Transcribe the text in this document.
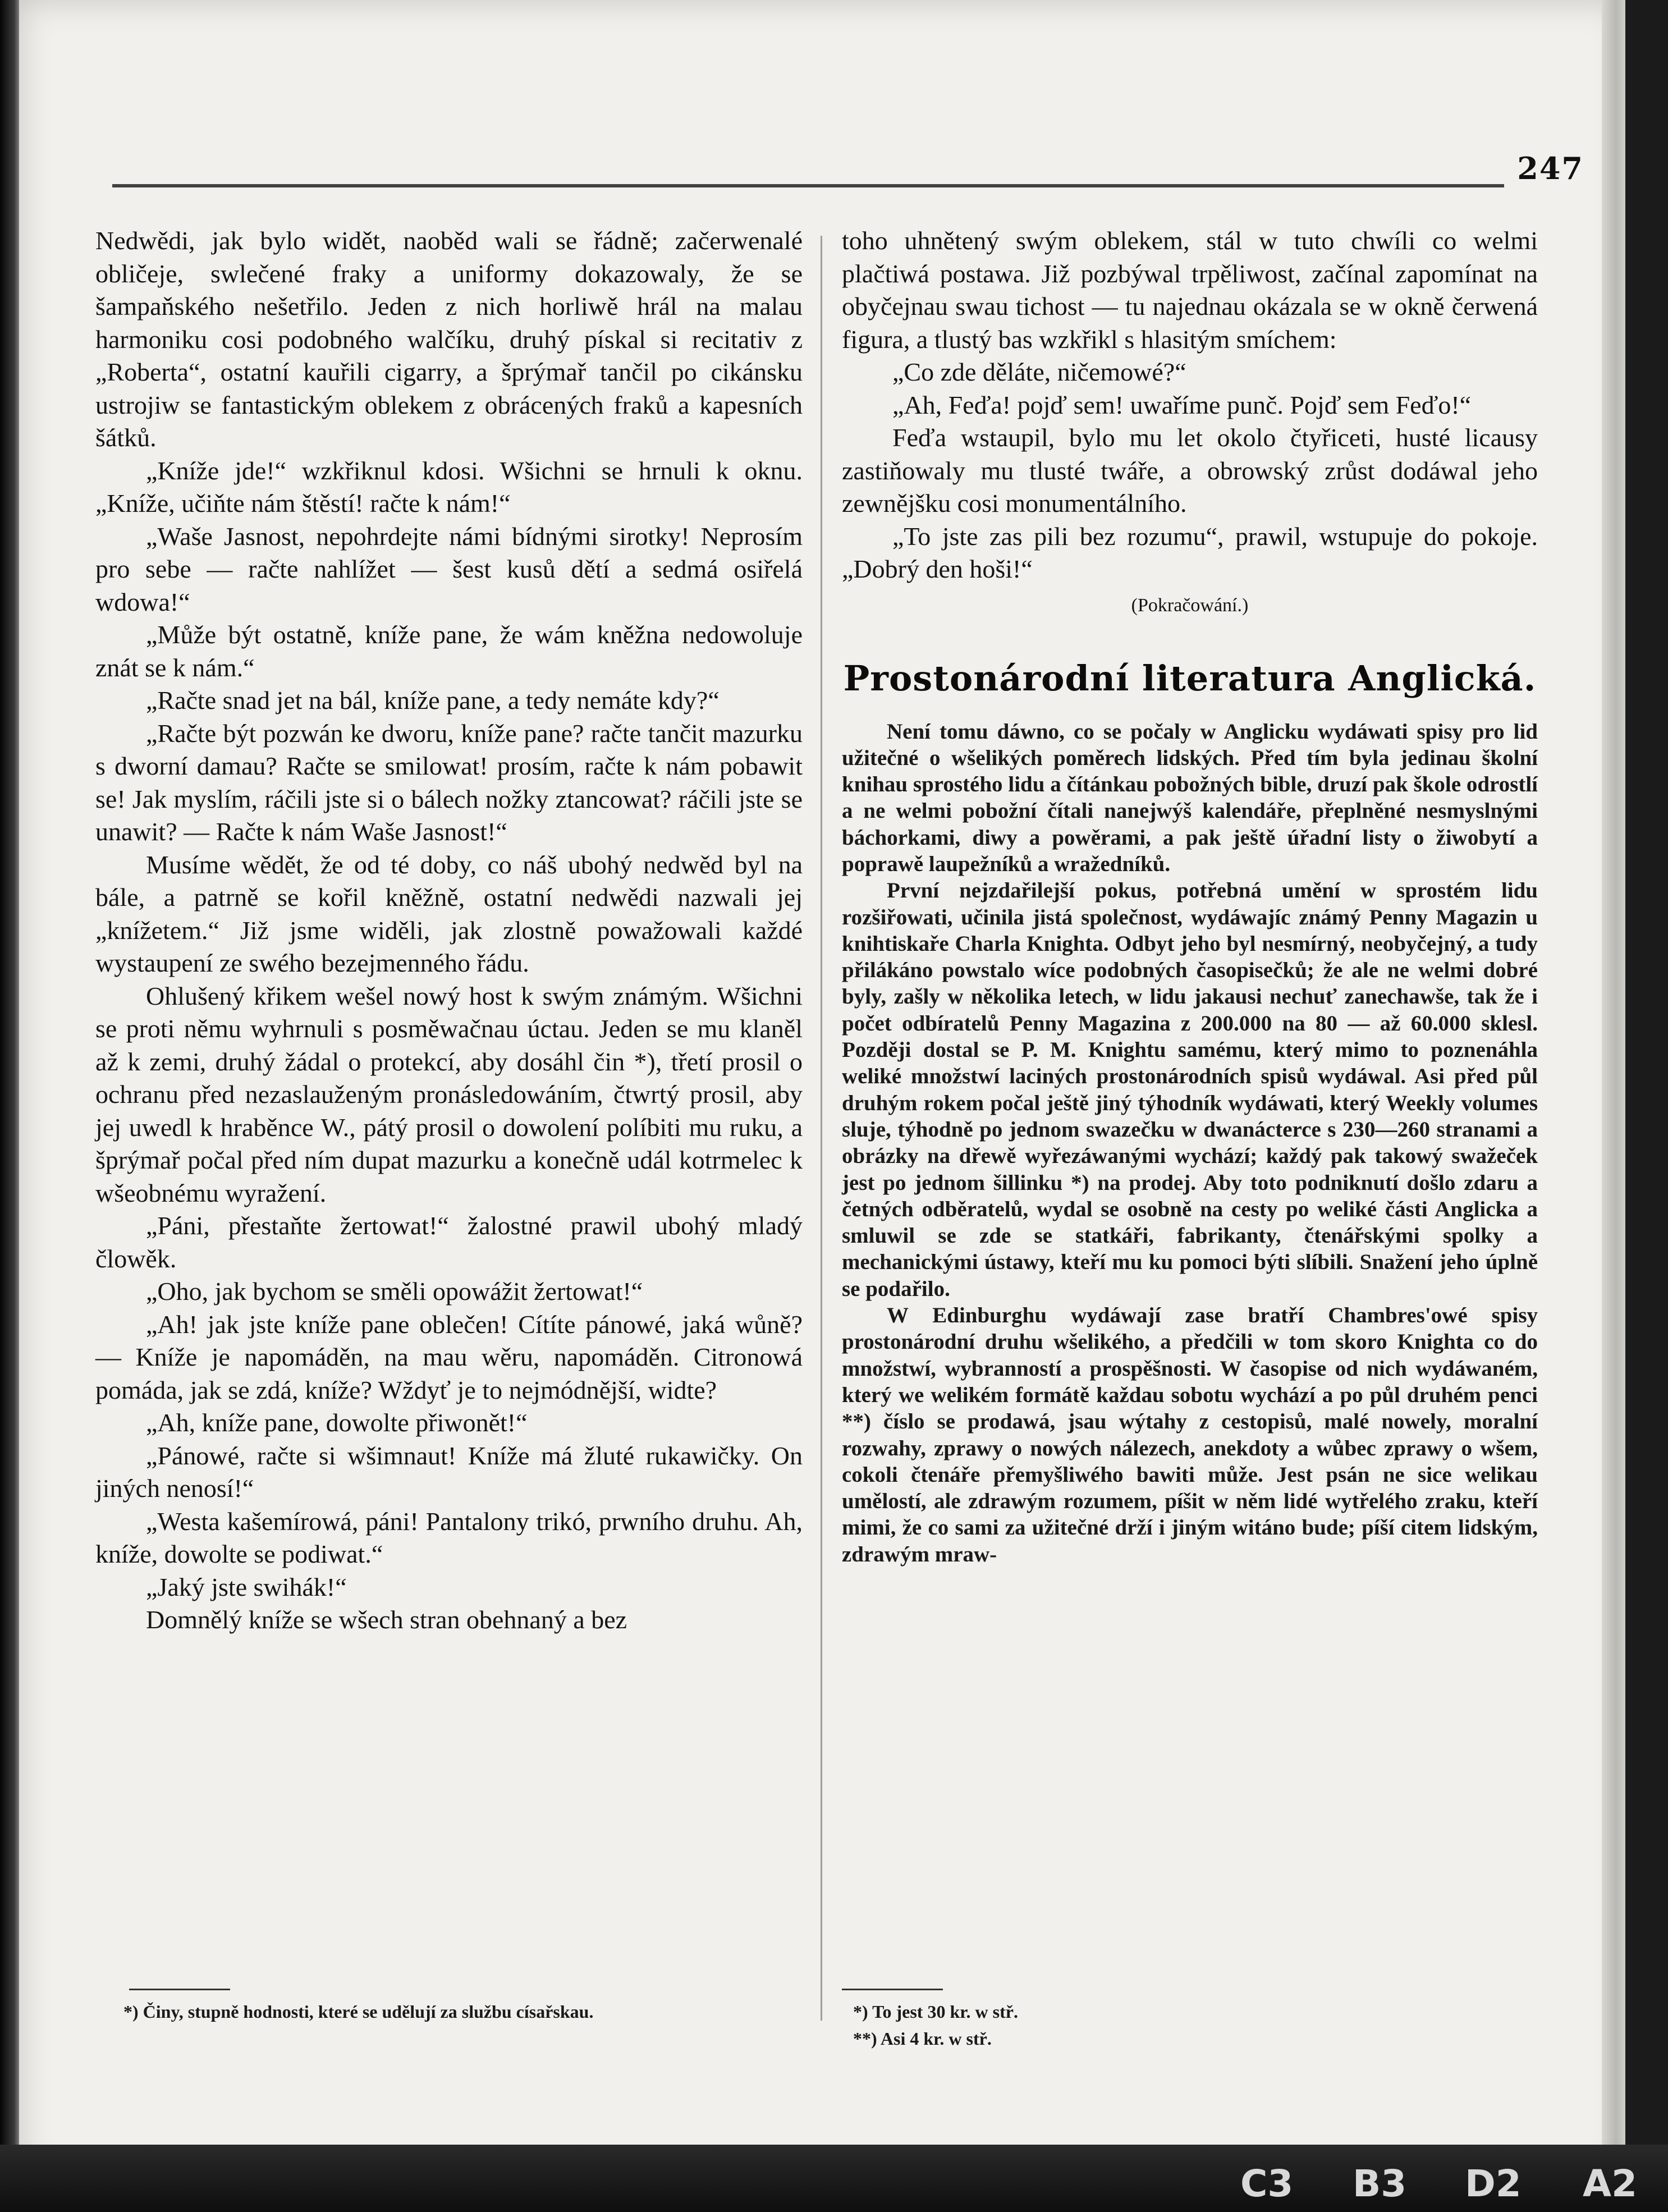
247

Nedwědi, jak bylo widět, naoběd wali se řádně; začerwenalé obličeje, swlečené fraky a uniformy dokazowaly, že se šampaňského nešetřilo. Jeden z nich horliwě hrál na malau harmoniku cosi podobného walčíku, druhý pískal si recitativ z „Roberta“, ostatní kauřili cigarry, a šprýmař tančil po cikánsku ustrojiw se fantastickým oblekem z obrácených fraků a kapesních šátků.

„Kníže jde!“ wzkřiknul kdosi. Wšichni se hrnuli k oknu. „Kníže, učiňte nám štěstí! račte k nám!“

„Waše Jasnost, nepohrdejte námi bídnými sirotky! Neprosím pro sebe — račte nahlížet — šest kusů dětí a sedmá osiřelá wdowa!“

„Může být ostatně, kníže pane, že wám kněžna nedowoluje znát se k nám.“

„Račte snad jet na bál, kníže pane, a tedy nemáte kdy?“

„Račte být pozwán ke dworu, kníže pane? račte tančit mazurku s dworní damau? Račte se smilowat! prosím, račte k nám pobawit se! Jak myslím, ráčili jste si o bálech nožky ztancowat? ráčili jste se unawit? — Račte k nám Waše Jasnost!“

Musíme wědět, že od té doby, co náš ubohý nedwěd byl na bále, a patrně se kořil kněžně, ostatní nedwědi nazwali jej „knížetem.“ Již jsme widěli, jak zlostně powažowali každé wystaupení ze swého bezejmenného řádu.

Ohlušený křikem wešel nowý host k swým známým. Wšichni se proti němu wyhrnuli s posměwačnau úctau. Jeden se mu klaněl až k zemi, druhý žádal o protekcí, aby dosáhl čin *), třetí prosil o ochranu před nezaslauženým pronásledowáním, čtwrtý prosil, aby jej uwedl k hraběnce W., pátý prosil o dowolení políbiti mu ruku, a šprýmař počal před ním dupat mazurku a konečně udál kotrmelec k wšeobnému wyražení.

„Páni, přestaňte žertowat!“ žalostné prawil ubohý mladý člowěk.

„Oho, jak bychom se směli opowážit žertowat!“

„Ah! jak jste kníže pane oblečen! Cítíte pánowé, jaká wůně? — Kníže je napomáděn, na mau wěru, napomáděn. Citronowá pomáda, jak se zdá, kníže? Wždyť je to nejmódnější, widte?

„Ah, kníže pane, dowolte přiwonět!“

„Pánowé, račte si wšimnaut! Kníže má žluté rukawičky. On jiných nenosí!“

„Westa kašemírowá, páni! Pantalony trikó, prwního druhu. Ah, kníže, dowolte se podiwat.“

„Jaký jste swihák!“

Domnělý kníže se wšech stran obehnaný a bez

toho uhnětený swým oblekem, stál w tuto chwíli co welmi plačtiwá postawa. Již pozbýwal trpěliwost, začínal zapomínat na obyčejnau swau tichost — tu najednau okázala se w okně čerwená figura, a tlustý bas wzkřikl s hlasitým smíchem:

„Co zde děláte, ničemowé?“

„Ah, Feďa! pojď sem! uwaříme punč. Pojď sem Feďo!“

Feďa wstaupil, bylo mu let okolo čtyřiceti, husté licausy zastiňowaly mu tlusté twáře, a obrowský zrůst dodáwal jeho zewnějšku cosi monumentálního.

„To jste zas pili bez rozumu“, prawil, wstupuje do pokoje. „Dobrý den hoši!“

(Pokračowání.)

Prostonárodní literatura Anglická.

Není tomu dáwno, co se počaly w Anglicku wydáwati spisy pro lid užitečné o wšelikých poměrech lidských. Před tím byla jedinau školní knihau sprostého lidu a čítánkau pobožných bible, druzí pak škole odrostlí a ne welmi pobožní čítali nanejwýš kalendáře, přeplněné nesmyslnými báchorkami, diwy a powěrami, a pak ještě úřadní listy o žiwobytí a poprawě laupežníků a wražedníků.

První nejzdařilejší pokus, potřebná umění w sprostém lidu rozšiřowati, učinila jistá společnost, wydáwajíc známý Penny Magazin u knihtiskaře Charla Knighta. Odbyt jeho byl nesmírný, neobyčejný, a tudy přilákáno powstalo wíce podobných časopisečků; že ale ne welmi dobré byly, zašly w několika letech, w lidu jakausi nechuť zanechawše, tak že i počet odbíratelů Penny Magazina z 200.000 na 80 — až 60.000 sklesl. Později dostal se P. M. Knightu samému, který mimo to poznenáhla weliké množstwí laciných prostonárodních spisů wydáwal. Asi před půl druhým rokem počal ještě jiný týhodník wydáwati, který Weekly volumes sluje, týhodně po jednom swazečku w dwanácterce s 230—260 stranami a obrázky na dřewě wyřezáwanými wychází; každý pak takowý swažeček jest po jednom šillinku *) na prodej. Aby toto podniknutí došlo zdaru a četných odběratelů, wydal se osobně na cesty po weliké části Anglicka a smluwil se zde se statkáři, fabrikanty, čtenářskými spolky a mechanickými ústawy, kteří mu ku pomoci býti slíbili. Snažení jeho úplně se podařilo.

W Edinburghu wydáwají zase bratří Chambres'owé spisy prostonárodní druhu wšelikého, a předčili w tom skoro Knighta co do množstwí, wybranností a prospěšnosti. W časopise od nich wydáwaném, který we welikém formátě každau sobotu wychází a po půl druhém penci **) číslo se prodawá, jsau wýtahy z cestopisů, malé nowely, moralní rozwahy, zprawy o nowých nálezech, anekdoty a wůbec zprawy o wšem, cokoli čtenáře přemyšliwého bawiti může. Jest psán ne sice welikau umělostí, ale zdrawým rozumem, píšit w něm lidé wytřelého zraku, kteří mimi, že co sami za užitečné drží i jiným witáno bude; píší citem lidským, zdrawým mraw-

*) Činy, stupně hodnosti, které se udělují za službu císařskau.	*) To jest 30 kr. w stř.
**) Asi 4 kr. w stř.
C3 B3 D2 A2
